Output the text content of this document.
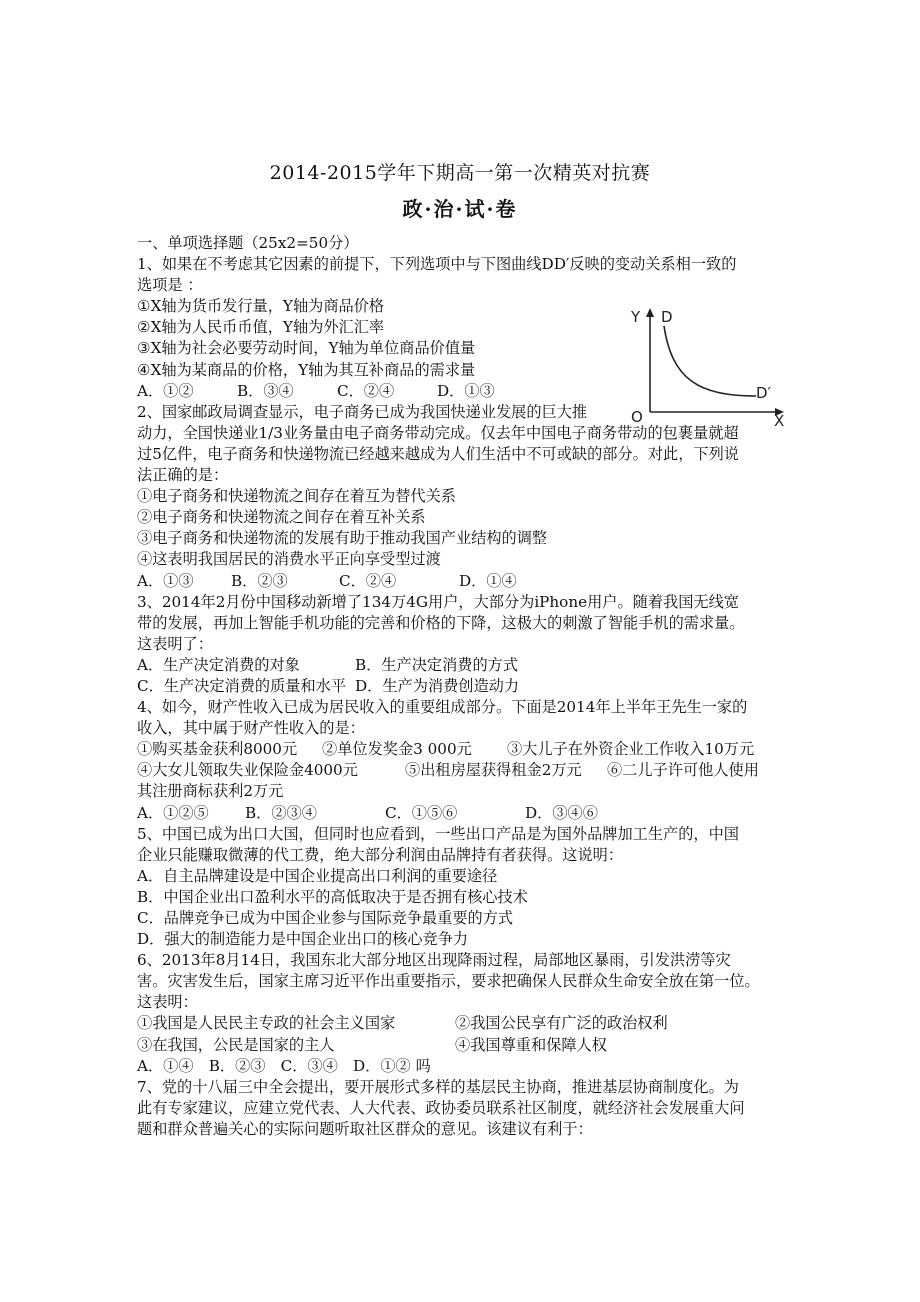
2014-2015学年下期高一第一次精英对抗赛
政·治·试·卷
Y D
D′
O	X
一、单项选择题（25x2=50分）
1、如果在不考虑其它因素的前提下，下列选项中与下图曲线DD′反映的变动关系相一致的
选项是 ：
①X轴为货币发行量，Y轴为商品价格
②X轴为人民币币值，Y轴为外汇汇率
③X轴为社会必要劳动时间，Y轴为单位商品价值量
④X轴为某商品的价格，Y轴为其互补商品的需求量
A．①②	B．③④	C．②④	D．①③
2、国家邮政局调查显示，电子商务已成为我国快递业发展的巨大推
动力，全国快递业1/3业务量由电子商务带动完成。仅去年中国电子商务带动的包裹量就超
过5亿件，电子商务和快递物流已经越来越成为人们生活中不可或缺的部分。对此，下列说
法正确的是：
①电子商务和快递物流之间存在着互为替代关系
②电子商务和快递物流之间存在着互补关系
③电子商务和快递物流的发展有助于推动我国产业结构的调整
④这表明我国居民的消费水平正向享受型过渡
A．①③ B．②③	C．②④	D．①④
3、2014年2月份中国移动新增了134万4G用户，大部分为iPhone用户。随着我国无线宽
带的发展，再加上智能手机功能的完善和价格的下降，这极大的刺激了智能手机的需求量。
这表明了：
A．生产决定消费的对象	B．生产决定消费的方式
C．生产决定消费的质量和水平 D．生产为消费创造动力
4、如今，财产性收入已成为居民收入的重要组成部分。下面是2014年上半年王先生一家的
收入，其中属于财产性收入的是：
①购买基金获利8000元 ②单位发奖金3 000元 ③大儿子在外资企业工作收入10万元
④大女儿领取失业保险金4000元	⑤出租房屋获得租金2万元 ⑥二儿子许可他人使用
其注册商标获利2万元
A．①②⑤ B．②③④	C．①⑤⑥	D．③④⑥
5、中国已成为出口大国，但同时也应看到，一些出口产品是为国外品牌加工生产的，中国
企业只能赚取微薄的代工费，绝大部分利润由品牌持有者获得。这说明：
A．自主品牌建设是中国企业提高出口利润的重要途径
B．中国企业出口盈利水平的高低取决于是否拥有核心技术
C．品牌竞争已成为中国企业参与国际竞争最重要的方式
D．强大的制造能力是中国企业出口的核心竞争力
6、2013年8月14日，我国东北大部分地区出现降雨过程，局部地区暴雨，引发洪涝等灾
害。灾害发生后，国家主席习近平作出重要指示，要求把确保人民群众生命安全放在第一位。
这表明：
①我国是人民民主专政的社会主义国家	②我国公民享有广泛的政治权利
③在我国，公民是国家的主人	④我国尊重和保障人权
A．①④　B．②③　C．③④　D．①② 吗
7、党的十八届三中全会提出，要开展形式多样的基层民主协商，推进基层协商制度化。为
此有专家建议，应建立党代表、人大代表、政协委员联系社区制度，就经济社会发展重大问
题和群众普遍关心的实际问题听取社区群众的意见。该建议有利于：
